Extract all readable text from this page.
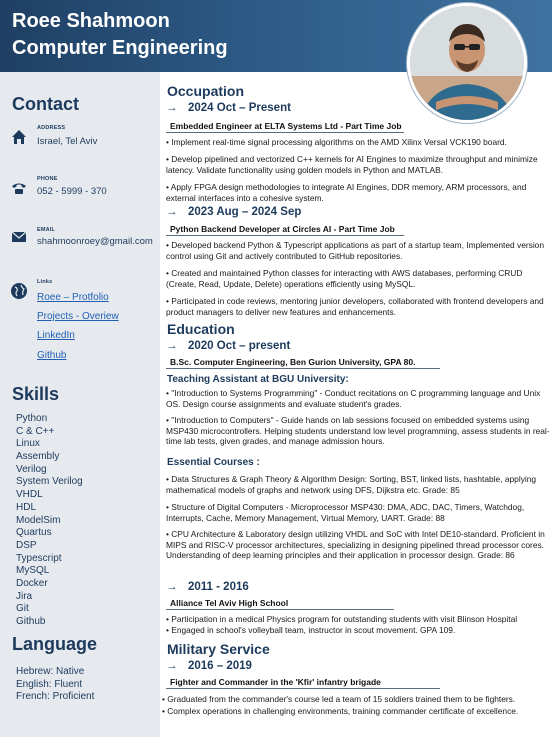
Roee Shahmoon
Computer Engineering
Contact
ADDRESS
Israel, Tel Aviv
PHONE
052 - 5999 - 370
EMAIL
shahmoonroey@gmail.com
Links
Roee – Protfolio
Projects - Overiew
LinkedIn
Github
Skills
Python
C & C++
Linux
Assembly
Verilog
System Verilog
VHDL
HDL
ModelSim
Quartus
DSP
Typescript
MySQL
Docker
Jira
Git
Github
Language
Hebrew: Native
English: Fluent
French: Proficient
Occupation
→ 2024 Oct – Present
Embedded Engineer at ELTA Systems Ltd - Part Time Job
• Implement real-time signal processing algorithms on the AMD Xilinx Versal VCK190 board.
• Develop pipelined and vectorized C++ kernels for AI Engines to maximize throughput and minimize latency. Validate functionality using golden models in Python and MATLAB.
• Apply FPGA design methodologies to integrate AI Engines, DDR memory, ARM processors, and external interfaces into a cohesive system.
→ 2023 Aug – 2024 Sep
Python Backend Developer at Circles AI - Part Time Job
• Developed backend Python & Typescript applications as part of a startup team, Implemented version control using Git and actively contributed to GitHub repositories.
• Created and maintained Python classes for interacting with AWS databases, performing CRUD (Create, Read, Update, Delete) operations efficiently using MySQL.
• Participated in code reviews, mentoring junior developers, collaborated with frontend developers and product managers to deliver new features and enhancements.
Education
→ 2020 Oct – present
B.Sc. Computer Engineering, Ben Gurion University, GPA 80.
Teaching Assistant at BGU University:
• "Introduction to Systems Programming" - Conduct recitations on C programming language and Unix OS. Design course assignments and evaluate student's grades.
• "Introduction to Computers" - Guide hands on lab sessions focused on embedded systems using MSP430 microcontrollers. Helping students understand low level programming, assess students in real-time lab tests, given grades, and manage admission hours.
Essential Courses :
• Data Structures & Graph Theory & Algorithm Design: Sorting, BST, linked lists, hashtable, applying mathematical models of graphs and network using DFS, Dijkstra etc. Grade: 85
• Structure of Digital Computers - Microprocessor MSP430: DMA, ADC, DAC, Timers, Watchdog, Interrupts, Cache, Memory Management, Virtual Memory, UART. Grade: 88
• CPU Architecture & Laboratory design utilizing VHDL and SoC with Intel DE10-standard. Proficient in MIPS and RISC-V processor architectures, specializing in designing pipelined thread processor cores. Understanding of deep learning principles and their application in processor design. Grade: 86
→ 2011 - 2016
Alliance Tel Aviv High School
• Participation in a medical Physics program for outstanding students with visit Blinson Hospital
• Engaged in school's volleyball team, instructor in scout movement. GPA 109.
Military Service
→ 2016 – 2019
Fighter and Commander in the 'Kfir' infantry brigade
• Graduated from the commander's course led a team of 15 soldiers trained them to be fighters.
• Complex operations in challenging environments, training commander certificate of excellence.
